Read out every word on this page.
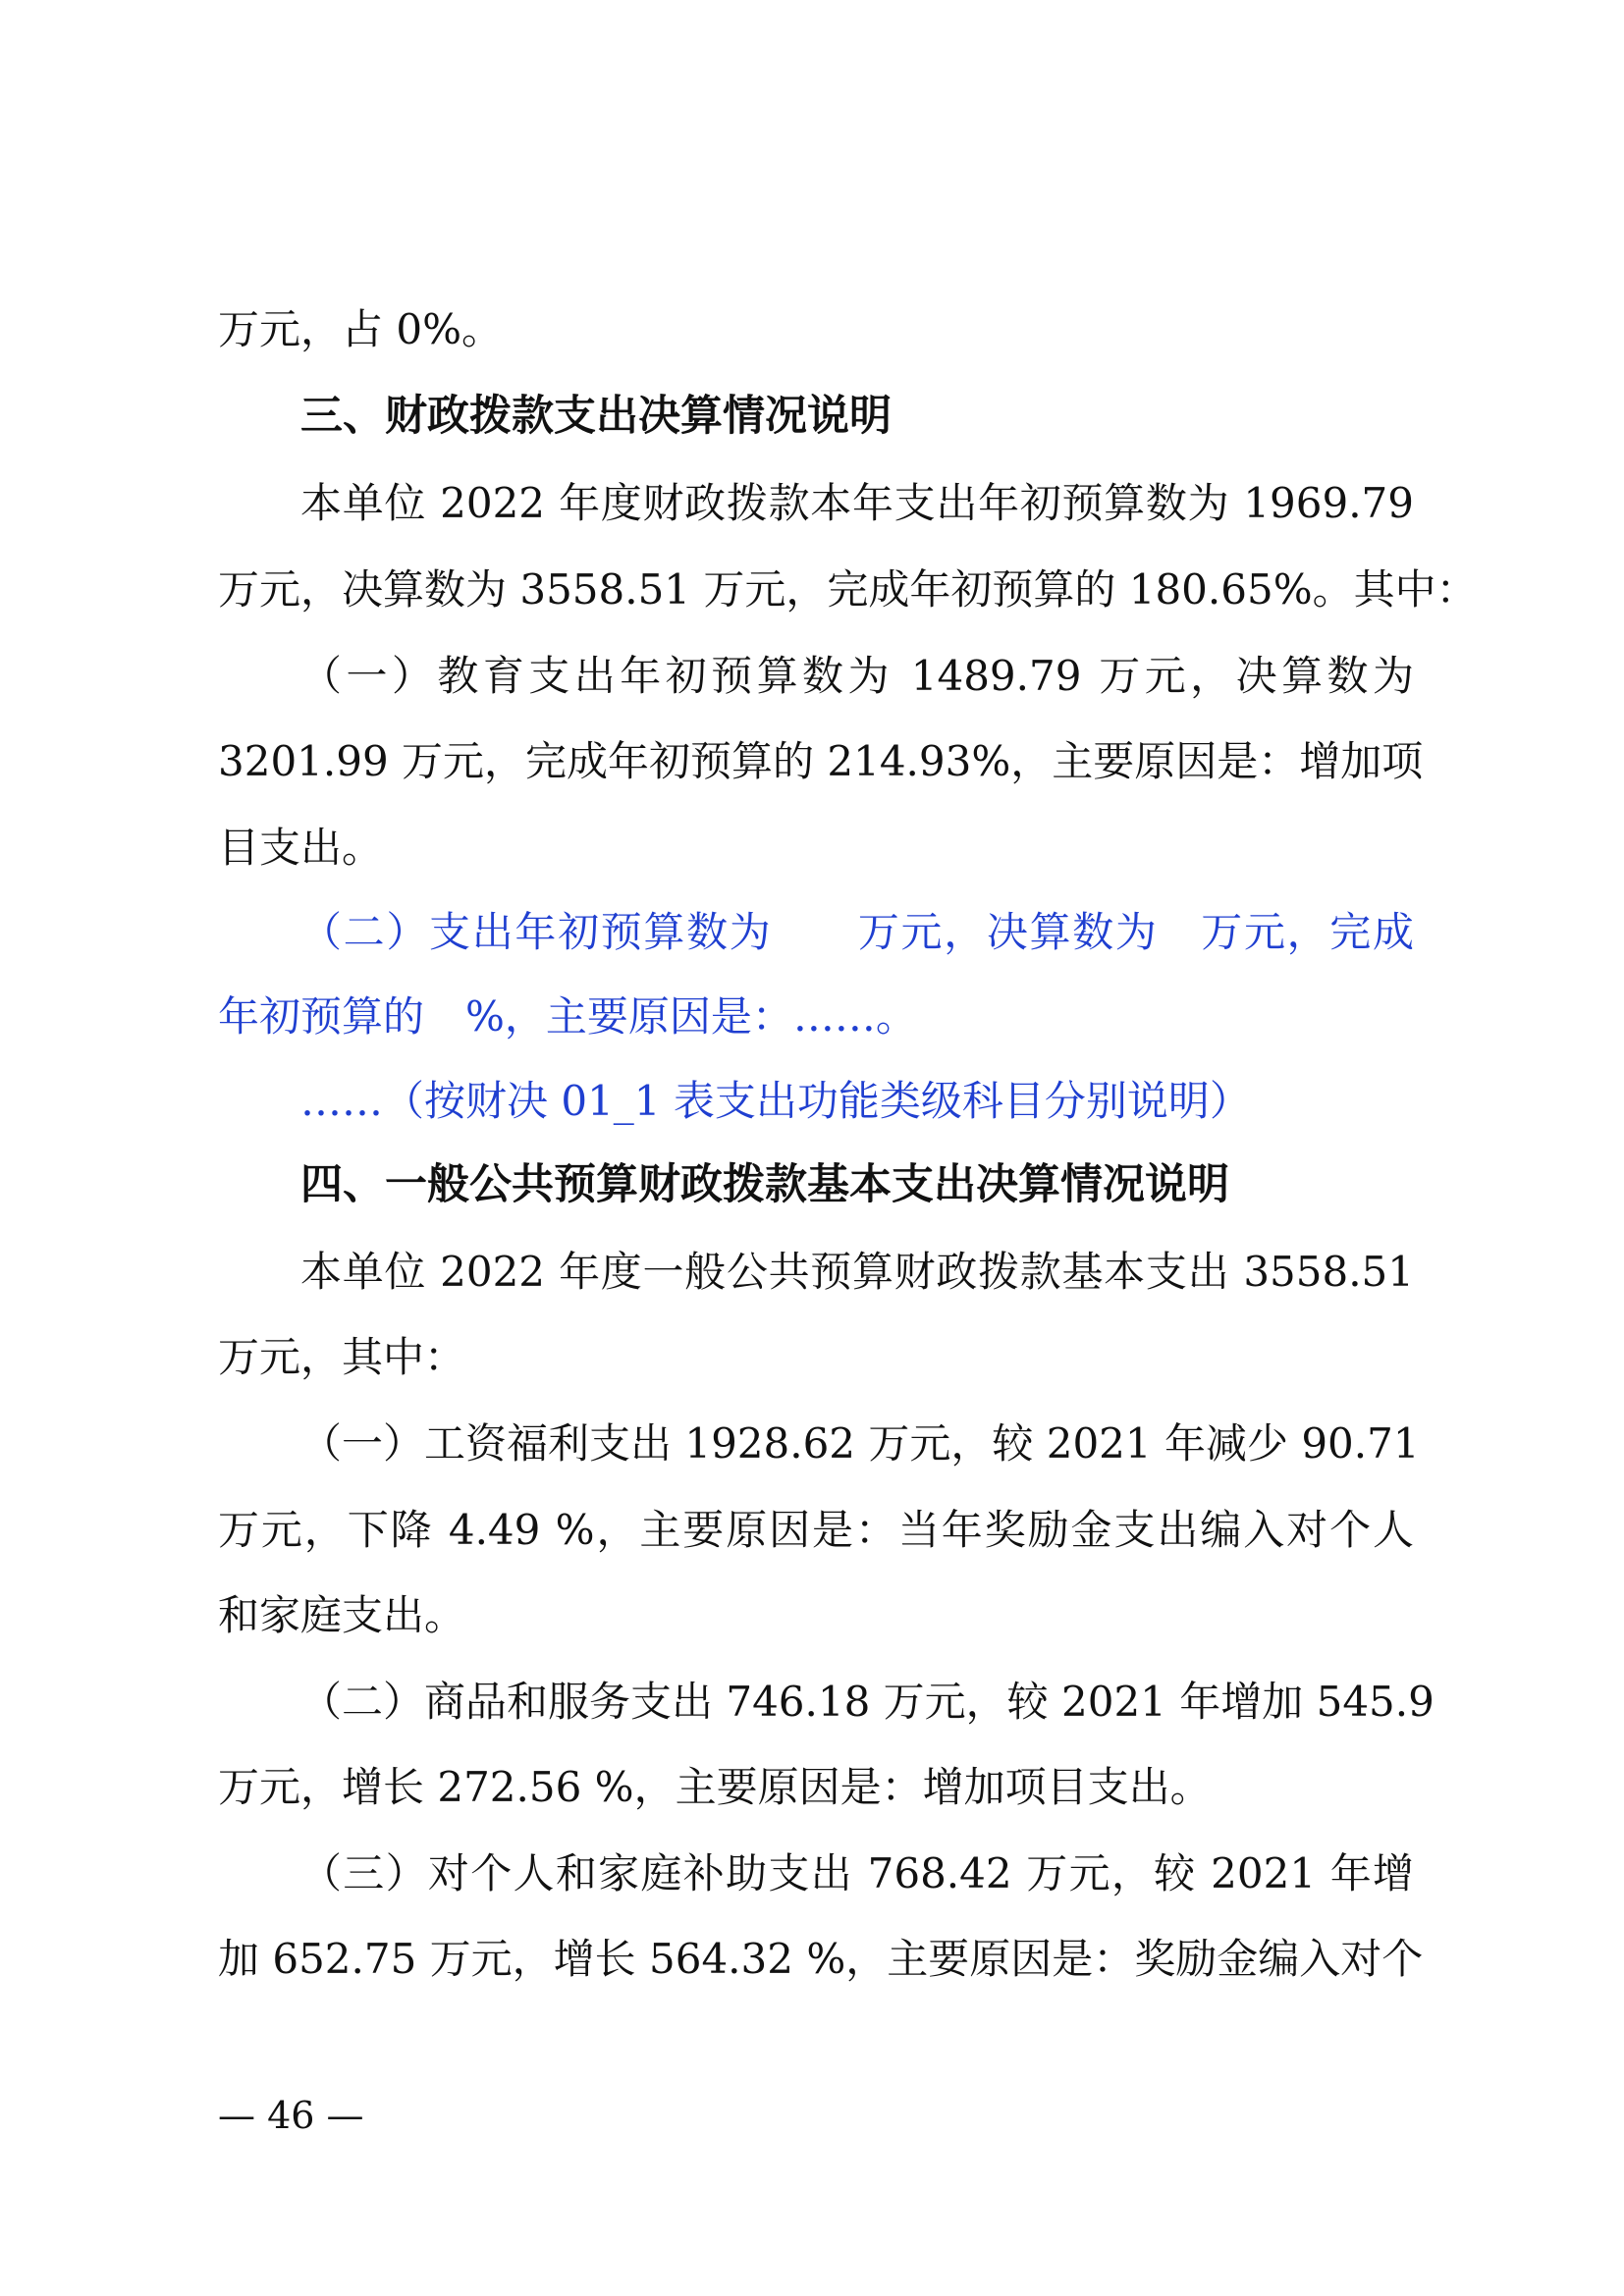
万元，占 0%。

三、财政拨款支出决算情况说明

本单位 2022 年度财政拨款本年支出年初预算数为 1969.79

万元，决算数为 3558.51 万元，完成年初预算的 180.65%。其中：

（一）教育支出年初预算数为 1489.79 万元，决算数为

3201.99 万元，完成年初预算的 214.93%，主要原因是：增加项

目支出。

（二）支出年初预算数为　　万元，决算数为　万元，完成

年初预算的　%，主要原因是：……。

……（按财决 01_1 表支出功能类级科目分别说明）

四、一般公共预算财政拨款基本支出决算情况说明

本单位 2022 年度一般公共预算财政拨款基本支出 3558.51

万元，其中：

（一）工资福利支出 1928.62 万元，较 2021 年减少 90.71

万元，下降 4.49 %，主要原因是：当年奖励金支出编入对个人

和家庭支出。

（二）商品和服务支出 746.18 万元，较 2021 年增加 545.9

万元，增长 272.56 %，主要原因是：增加项目支出。

（三）对个人和家庭补助支出 768.42 万元，较 2021 年增

加 652.75 万元，增长 564.32 %，主要原因是：奖励金编入对个

— 46 —
